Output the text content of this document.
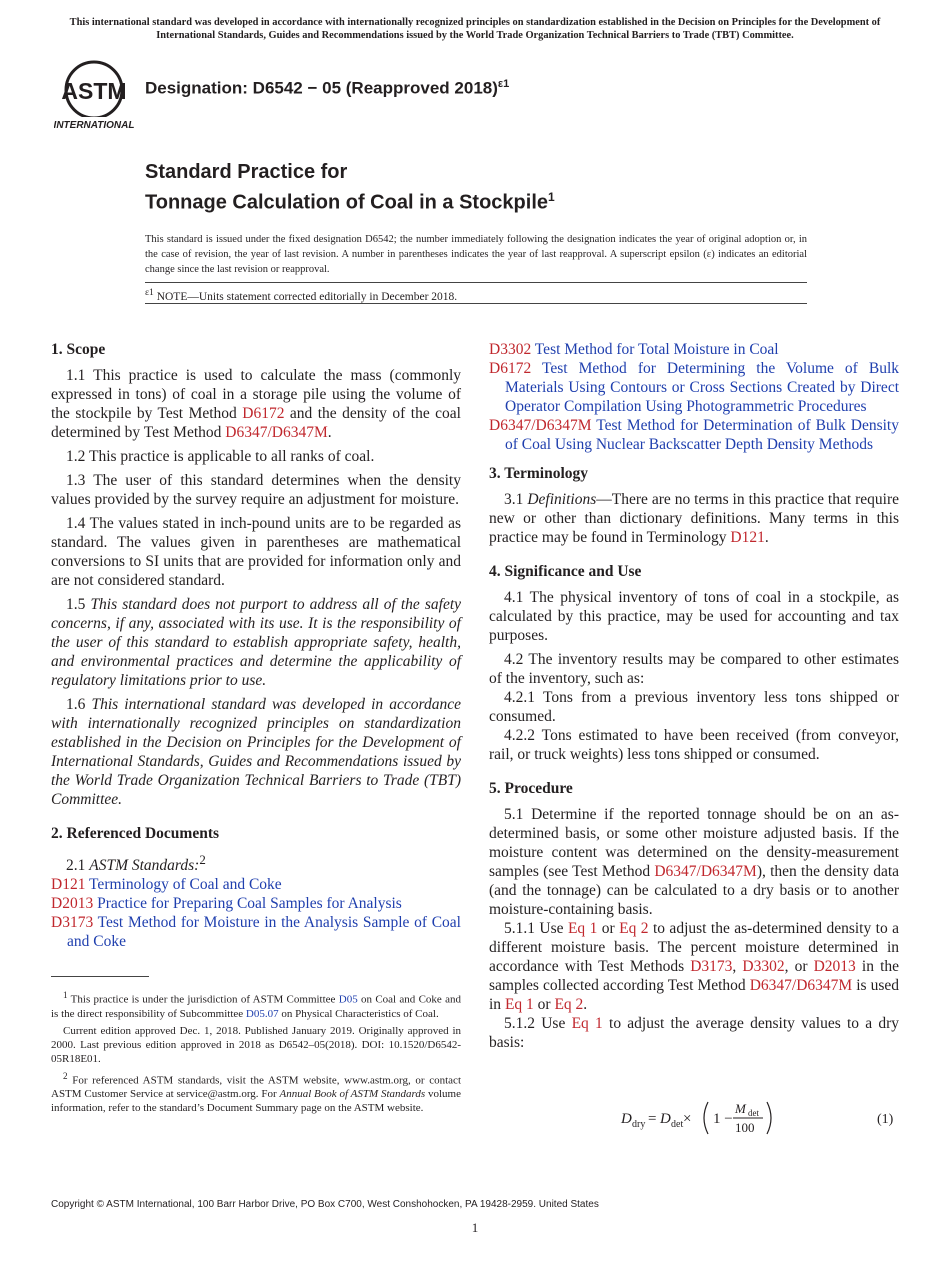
This international standard was developed in accordance with internationally recognized principles on standardization established in the Decision on Principles for the Development of International Standards, Guides and Recommendations issued by the World Trade Organization Technical Barriers to Trade (TBT) Committee.
ASTM
INTERNATIONAL
Designation: D6542 − 05 (Reapproved 2018)$^{\varepsilon 1}$
Standard Practice for
Tonnage Calculation of Coal in a Stockpile$^1$
This standard is issued under the fixed designation D6542; the number immediately following the designation indicates the year of original adoption or, in the case of revision, the year of last revision. A number in parentheses indicates the year of last reapproval. A superscript epsilon (ε) indicates an editorial change since the last revision or reapproval.
$^{\varepsilon 1}$ NOTE—Units statement corrected editorially in December 2018.
1. Scope

1.1 This practice is used to calculate the mass (commonly expressed in tons) of coal in a storage pile using the volume of the stockpile by Test Method D6172 and the density of the coal determined by Test Method D6347/D6347M.

1.2 This practice is applicable to all ranks of coal.

1.3 The user of this standard determines when the density values provided by the survey require an adjustment for moisture.

1.4 The values stated in inch-pound units are to be regarded as standard. The values given in parentheses are mathematical conversions to SI units that are provided for information only and are not considered standard.

1.5 This standard does not purport to address all of the safety concerns, if any, associated with its use. It is the responsibility of the user of this standard to establish appropriate safety, health, and environmental practices and determine the applicability of regulatory limitations prior to use.

1.6 This international standard was developed in accordance with internationally recognized principles on standardization established in the Decision on Principles for the Development of International Standards, Guides and Recommendations issued by the World Trade Organization Technical Barriers to Trade (TBT) Committee.

2. Referenced Documents

2.1 ASTM Standards:$^2$

D121 Terminology of Coal and Coke

D2013 Practice for Preparing Coal Samples for Analysis

D3173 Test Method for Moisture in the Analysis Sample of Coal and Coke

$^1$ This practice is under the jurisdiction of ASTM Committee D05 on Coal and Coke and is the direct responsibility of Subcommittee D05.07 on Physical Characteristics of Coal.

Current edition approved Dec. 1, 2018. Published January 2019. Originally approved in 2000. Last previous edition approved in 2018 as D6542–05(2018). DOI: 10.1520/D6542-05R18E01.

$^2$ For referenced ASTM standards, visit the ASTM website, www.astm.org, or contact ASTM Customer Service at service@astm.org. For Annual Book of ASTM Standards volume information, refer to the standard’s Document Summary page on the ASTM website.

D3302 Test Method for Total Moisture in Coal

D6172 Test Method for Determining the Volume of Bulk Materials Using Contours or Cross Sections Created by Direct Operator Compilation Using Photogrammetric Procedures

D6347/D6347M Test Method for Determination of Bulk Density of Coal Using Nuclear Backscatter Depth Density Methods

3. Terminology

3.1 Definitions—There are no terms in this practice that require new or other than dictionary definitions. Many terms in this practice may be found in Terminology D121.

4. Significance and Use

4.1 The physical inventory of tons of coal in a stockpile, as calculated by this practice, may be used for accounting and tax purposes.

4.2 The inventory results may be compared to other estimates of the inventory, such as:

4.2.1 Tons from a previous inventory less tons shipped or consumed.

4.2.2 Tons estimated to have been received (from conveyor, rail, or truck weights) less tons shipped or consumed.

5. Procedure

5.1 Determine if the reported tonnage should be on an as-determined basis, or some other moisture adjusted basis. If the moisture content was determined on the density-measurement samples (see Test Method D6347/D6347M), then the density data (and the tonnage) can be calculated to a dry basis or to another moisture-containing basis.

5.1.1 Use Eq 1 or Eq 2 to adjust the as-determined density to a different moisture basis. The percent moisture determined in accordance with Test Methods D3173, D3302, or D2013 in the samples collected according Test Method D6347/D6347M is used in Eq 1 or Eq 2.

5.1.2 Use Eq 1 to adjust the average density values to a dry basis:

D dry = D det × 1 −
M det
100
(1)
Copyright © ASTM International, 100 Barr Harbor Drive, PO Box C700, West Conshohocken, PA 19428-2959. United States
1
